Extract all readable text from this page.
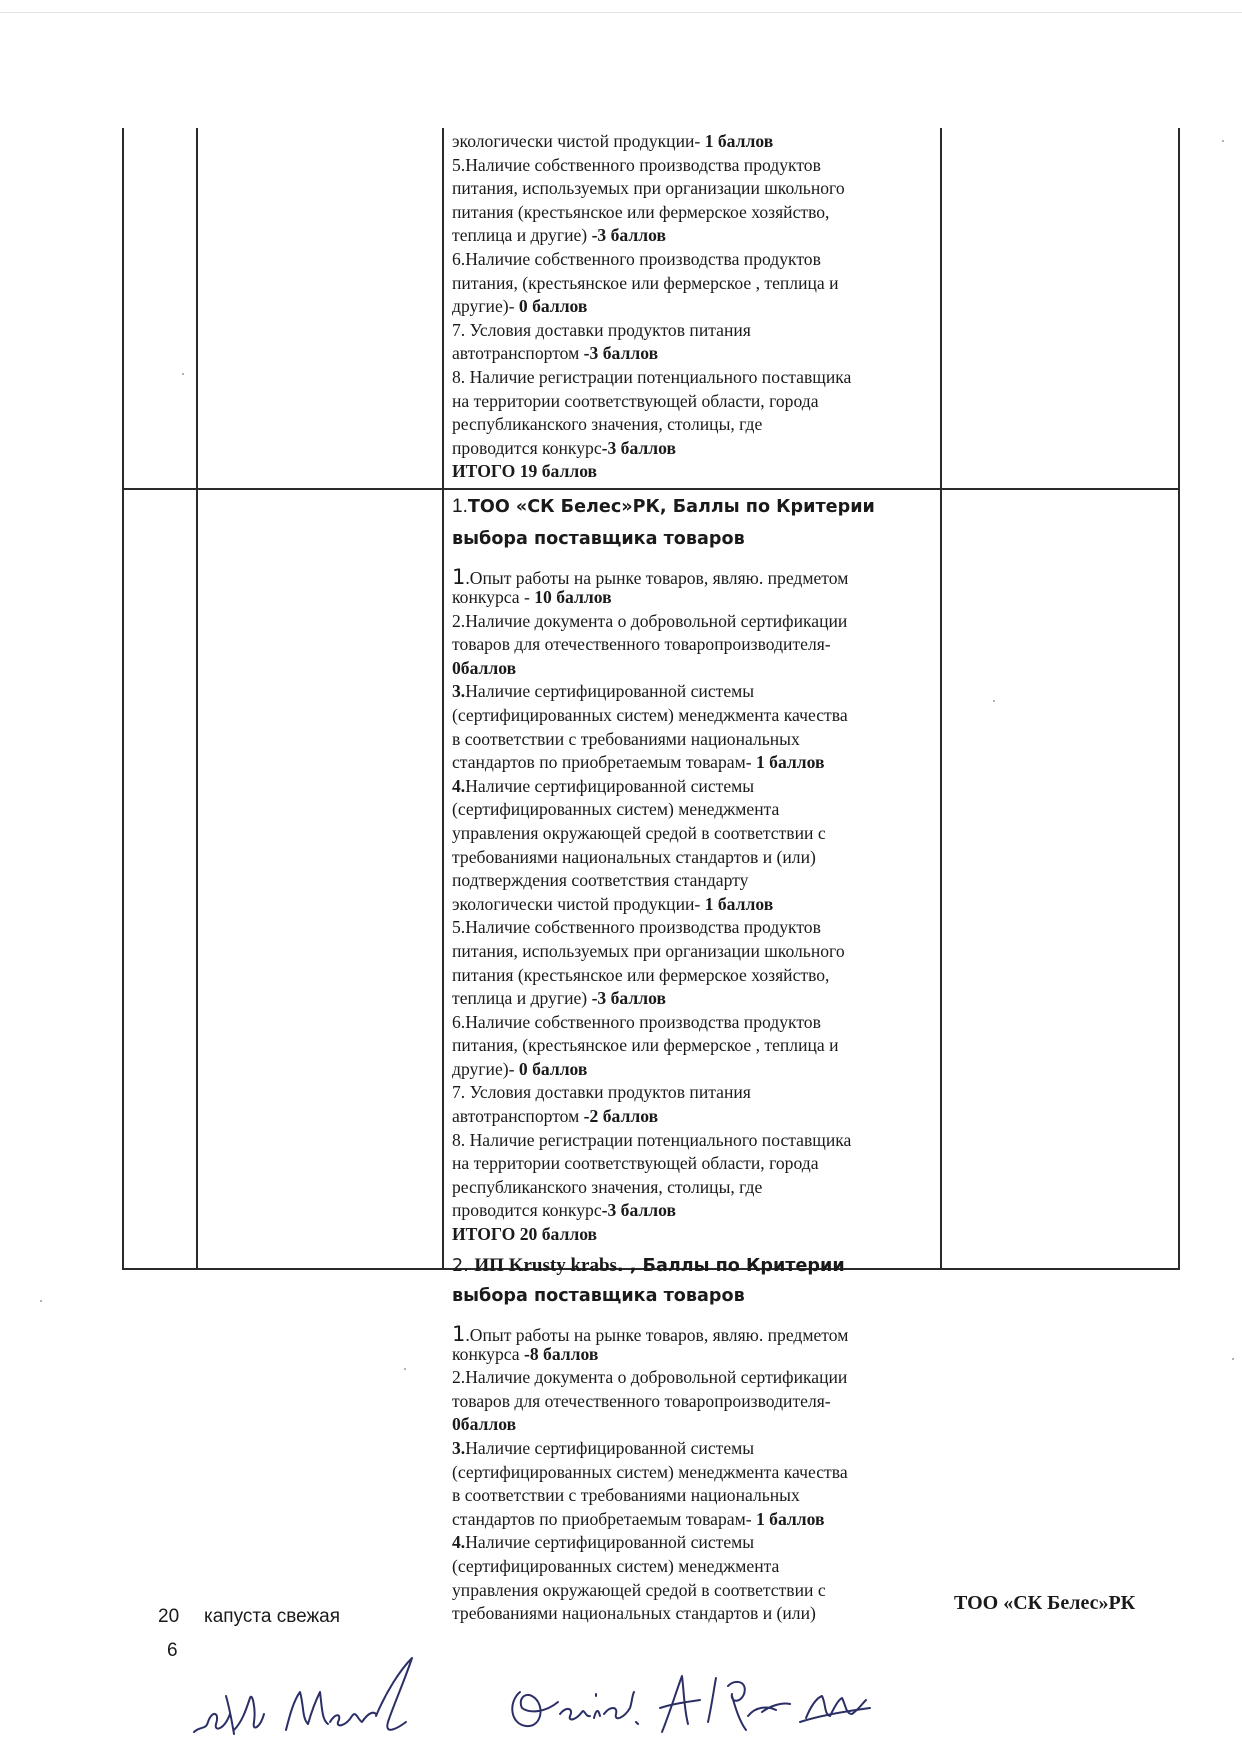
экологически чистой продукции- 1 баллов
5.Наличие собственного производства продуктов
питания, используемых при организации школьного
питания (крестьянское или фермерское хозяйство,
теплица и другие) -3 баллов
6.Наличие собственного производства продуктов
питания, (крестьянское или фермерское , теплица и
другие)- 0 баллов
7. Условия доставки продуктов питания
автотранспортом -3 баллов
8. Наличие регистрации потенциального поставщика
на территории соответствующей области, города
республиканского значения, столицы, где
проводится конкурс-3 баллов
ИТОГО 19 баллов
1.ТОО «СК Белес»РК, Баллы по Критерии
выбора поставщика товаров
1.Опыт работы на рынке товаров, являю. предметом
конкурса - 10 баллов
2.Наличие документа о добровольной сертификации
товаров для отечественного товаропроизводителя-
0баллов
3.Наличие сертифицированной системы
(сертифицированных систем) менеджмента качества
в соответствии с требованиями национальных
стандартов по приобретаемым товарам- 1 баллов
4.Наличие сертифицированной системы
(сертифицированных систем) менеджмента
управления окружающей средой в соответствии с
требованиями национальных стандартов и (или)
подтверждения соответствия стандарту
экологически чистой продукции- 1 баллов
5.Наличие собственного производства продуктов
питания, используемых при организации школьного
питания (крестьянское или фермерское хозяйство,
теплица и другие) -3 баллов
6.Наличие собственного производства продуктов
питания, (крестьянское или фермерское , теплица и
другие)- 0 баллов
7. Условия доставки продуктов питания
автотранспортом -2 баллов
8. Наличие регистрации потенциального поставщика
на территории соответствующей области, города
республиканского значения, столицы, где
проводится конкурс-3 баллов
ИТОГО 20 баллов
2. ИП Krusty krabs. , Баллы по Критерии
выбора поставщика товаров
1.Опыт работы на рынке товаров, являю. предметом
конкурса -8 баллов
2.Наличие документа о добровольной сертификации
товаров для отечественного товаропроизводителя-
0баллов
3.Наличие сертифицированной системы
(сертифицированных систем) менеджмента качества
в соответствии с требованиями национальных
стандартов по приобретаемым товарам- 1 баллов
4.Наличие сертифицированной системы
(сертифицированных систем) менеджмента
управления окружающей средой в соответствии с
требованиями национальных стандартов и (или)
20 капуста свежая
ТОО «СК Белес»РК
6
